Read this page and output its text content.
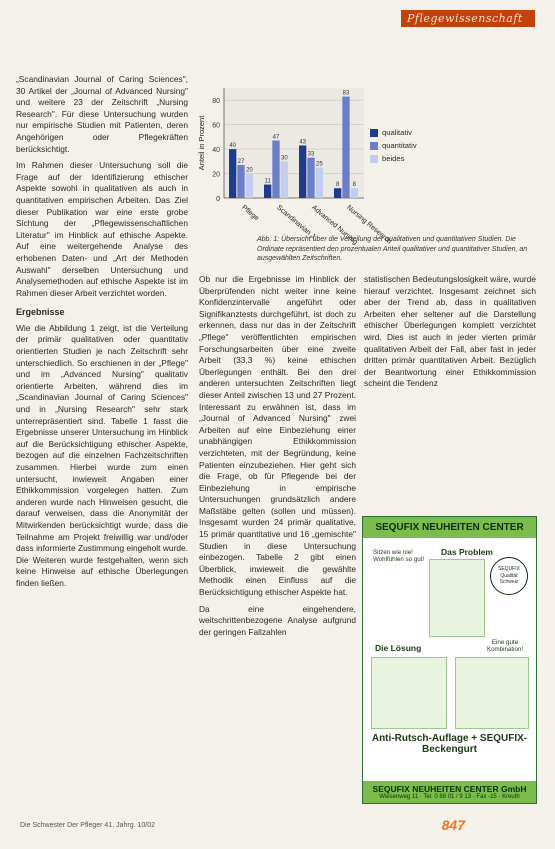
Pflegewissenschaft

„Scandinavian Journal of Caring Sciences", 30 Artikel der „Journal of Advanced Nursing" und weitere 23 der Zeitschrift „Nursing Research". Für diese Untersuchung wurden nur empirische Studien mit Patienten, deren Angehörigen oder Pflegekräften berücksichtigt.

Im Rahmen dieser Untersuchung soll die Frage auf der Identifizierung ethischer Aspekte sowohl in qualitativen als auch in quantitativen empirischen Arbeiten. Das Ziel dieser Publikation war eine erste grobe Sichtung der „Pflegewissenschaftlichen Literatur" im Hinblick auf ethische Aspekte. Auf eine weitergehende Analyse des erhobenen Daten- und „Art der Methoden Auswahl" derselben Untersuchung und Analysemethoden auf ethische Aspekte ist im Rahmen dieser Arbeit verzichtet worden.

Ergebnisse

Wie die Abbildung 1 zeigt, ist die Verteilung der primär qualitativen oder quantitativ orientierten Studien je nach Zeitschrift sehr unterschiedlich. So erschienen in der „Pflege" und im „Advanced Nursing" qualitativ orientierte Arbeiten, während dies im „Scandinavian Journal of Caring Sciences" und in „Nursing Research" sehr stark unterrepräsentiert sind. Tabelle 1 fasst die Ergebnisse unserer Untersuchung im Hinblick auf die Berücksichtigung ethischer Aspekte, bezogen auf die einzelnen Fachzeitschriften zusammen. Hierbei wurde zum einen untersucht, inwieweit Angaben einer Ethikkommission vorgelegen hatten. Zum anderen wurde nach Hinweisen gesucht, die darauf verweisen, dass die Anonymität der Mitwirkenden berücksichtigt wurde, dass die Teilnahme am Projekt freiwillig war und/oder dass informierte Zustimmung eingeholt wurde. Die Weiteren wurde festgehalten, wenn sich keine Hinweise auf ethische Überlegungen finden ließen.

0
20
40
60
80
Anteil in Prozent	40
27
20
Pflege
11
47
30
Scandinavian J.
43
33
25
Advanced Nursing
8
83
8
Nursing Research
qualitativ
quantitativ
beides
Abb. 1: Übersicht über die Verteilung der qualitativen und quantitativen Studien. Die Ordinate repräsentiert den prozentualen Anteil qualitativer und quantitativer Studien, an ausgewählten Zeitschriften.

Ob nur die Ergebnisse im Hinblick der Überprüfenden nicht weiter inne keine Konfidenzintervalle angeführt oder Signifikanztests durchgeführt, ist doch zu erkennen, dass nur das in der Zeitschrift „Pflege" veröffentlichten empirischen Forschungsarbeiten über eine zweite Arbeit (33,3 %) keine ethischen Überlegungen enthält. Bei den drei anderen untersuchten Zeitschriften liegt dieser Anteil zwischen 13 und 27 Prozent. Interessant zu erwähnen ist, dass im „Journal of Advanced Nursing" zwei Arbeiten auf eine Einbeziehung einer unabhängigen Ethikkommission verzichteten, mit der Begründung, keine Patienten einzubeziehen. Hier geht sich die Frage, ob für Pflegende bei der Einbeziehung in empirische Untersuchungen grundsätzlich andere Maßstäbe gelten (sollen und müssen). Insgesamt wurden 24 primär qualitative, 15 primär quantitative und 16 „gemischte" Studien in diese Untersuchung einbezogen. Tabelle 2 gibt einen Überblick, inwieweit die gewählte Methodik einen Einfluss auf die Berücksichtigung ethischer Aspekte hat.

Da eine eingehendere, weitschrittenbezogene Analyse aufgrund der geringen Fallzahlen

statistischen Bedeutungslosigkeit wäre, wurde hierauf verzichtet. Insgesamt zeichnet sich aber der Trend ab, dass in qualitativen Arbeiten eher seltener auf die Darstellung ethischer Überlegungen komplett verzichtet wird. Dies ist auch in jeder vierten primär qualitativen Arbeit der Fall, aber fast in jeder dritten primär quantitativen Arbeit. Bezüglich der Beantwortung einer Ethikkommission scheint die Tendenz

SEQUFIX NEUHEITEN CENTER
Sitzen wie nie! Wohlfühlen so gut!
Das Problem
SEQUFIX Qualität Schweiz
Die Lösung
Eine gute Kombination!
Anti-Rutsch-Auflage + SEQUFIX-Beckengurt
SEQUFIX NEUHEITEN CENTER GmbH
Wiesenweg 11 · Tel. 0 88 01 / 9 13 · Fax -15 · Kreuth
Die Schwester Der Pfleger 41. Jahrg. 10/02	847
